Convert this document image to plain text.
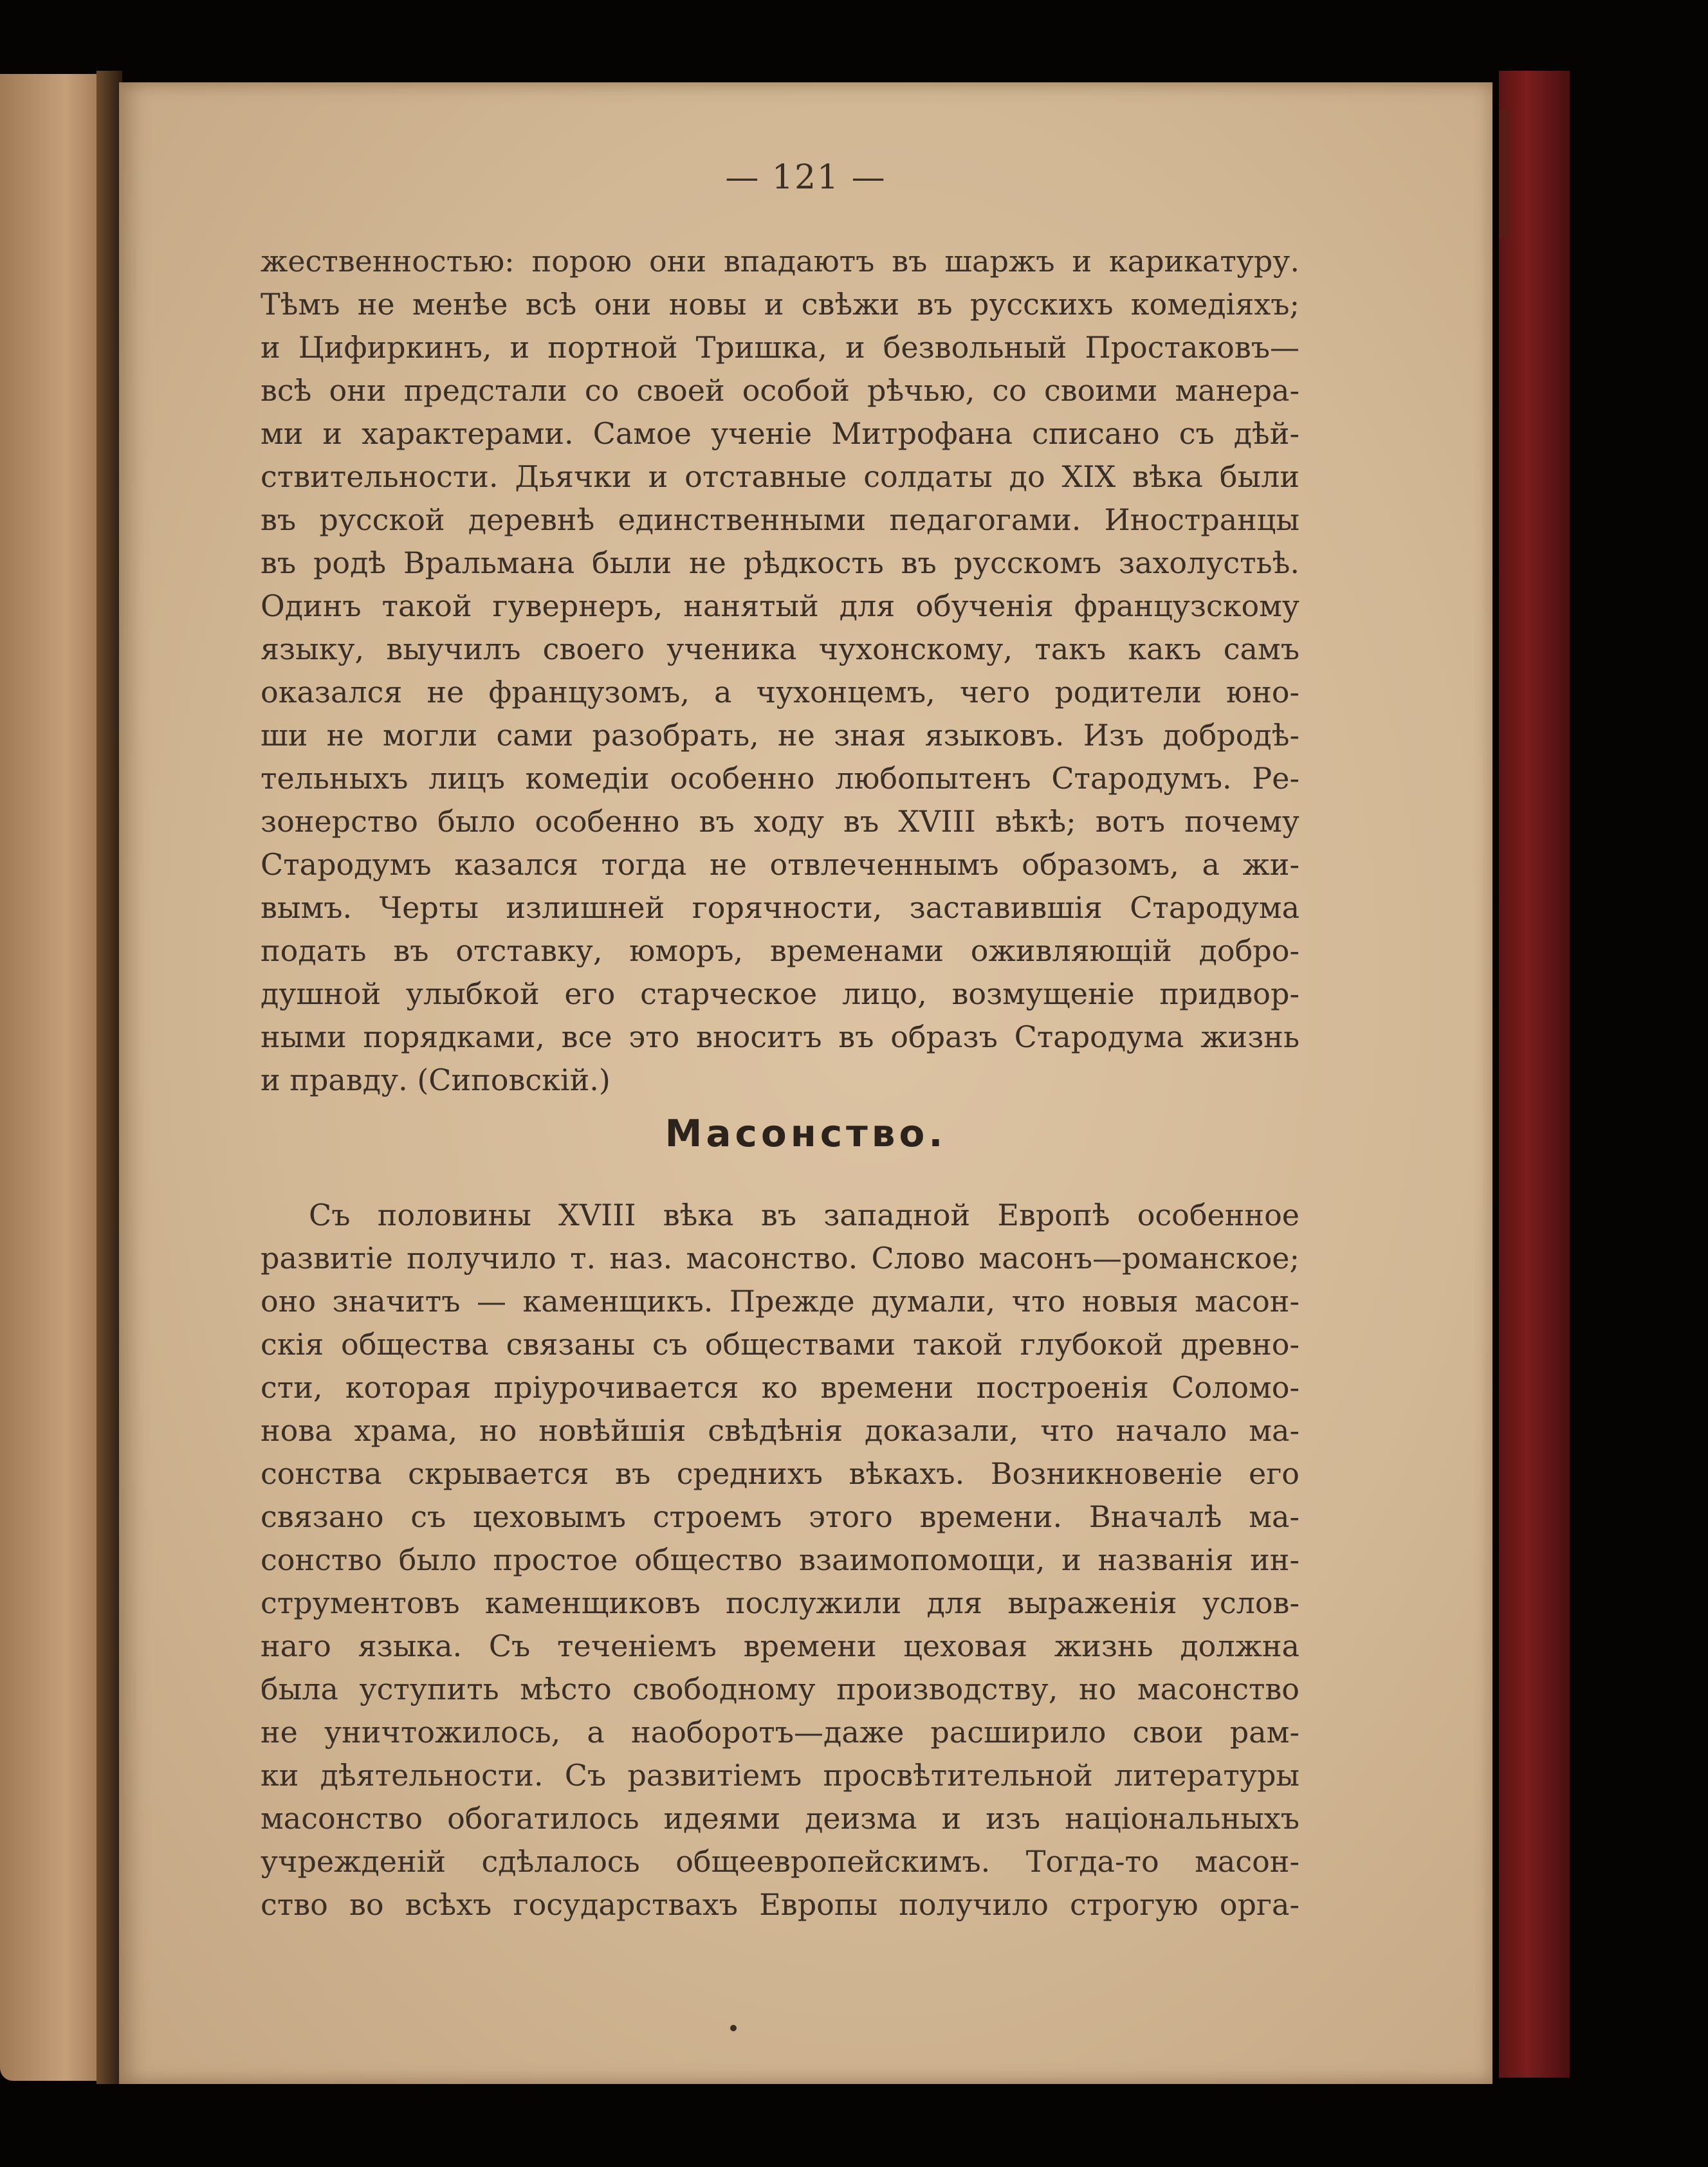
— 121 —
жественностью: порою они впадаютъ въ шаржъ и карикатуру.
Тѣмъ не менѣе всѣ они новы и свѣжи въ русскихъ комедіяхъ;
и Цифиркинъ, и портной Тришка, и безвольный Простаковъ—
всѣ они предстали со своей особой рѣчью, со своими манера-
ми и характерами. Самое ученіе Митрофана списано съ дѣй-
ствительности. Дьячки и отставные солдаты до XIX вѣка были
въ русской деревнѣ единственными педагогами. Иностранцы
въ родѣ Вральмана были не рѣдкость въ русскомъ захолустьѣ.
Одинъ такой гувернеръ, нанятый для обученія французскому
языку, выучилъ своего ученика чухонскому, такъ какъ самъ
оказался не французомъ, а чухонцемъ, чего родители юно-
ши не могли сами разобрать, не зная языковъ. Изъ добродѣ-
тельныхъ лицъ комедіи особенно любопытенъ Стародумъ. Ре-
зонерство было особенно въ ходу въ XVIII вѣкѣ; вотъ почему
Стародумъ казался тогда не отвлеченнымъ образомъ, а жи-
вымъ. Черты излишней горячности, заставившія Стародума
подать въ отставку, юморъ, временами оживляющій добро-
душной улыбкой его старческое лицо, возмущеніе придвор-
ными порядками, все это вноситъ въ образъ Стародума жизнь
и правду. (Сиповскій.)
Масонство.
Съ половины XVIII вѣка въ западной Европѣ особенное
развитіе получило т. наз. масонство. Слово масонъ—романское;
оно значитъ — каменщикъ. Прежде думали, что новыя масон-
скія общества связаны съ обществами такой глубокой древно-
сти, которая пріурочивается ко времени построенія Соломо-
нова храма, но новѣйшія свѣдѣнія доказали, что начало ма-
сонства скрывается въ среднихъ вѣкахъ. Возникновеніе его
связано съ цеховымъ строемъ этого времени. Вначалѣ ма-
сонство было простое общество взаимопомощи, и названія ин-
струментовъ каменщиковъ послужили для выраженія услов-
наго языка. Съ теченіемъ времени цеховая жизнь должна
была уступить мѣсто свободному производству, но масонство
не уничтожилось, а наоборотъ—даже расширило свои рам-
ки дѣятельности. Съ развитіемъ просвѣтительной литературы
масонство обогатилось идеями деизма и изъ національныхъ
учрежденій сдѣлалось общеевропейскимъ. Тогда-то масон-
ство во всѣхъ государствахъ Европы получило строгую орга-
